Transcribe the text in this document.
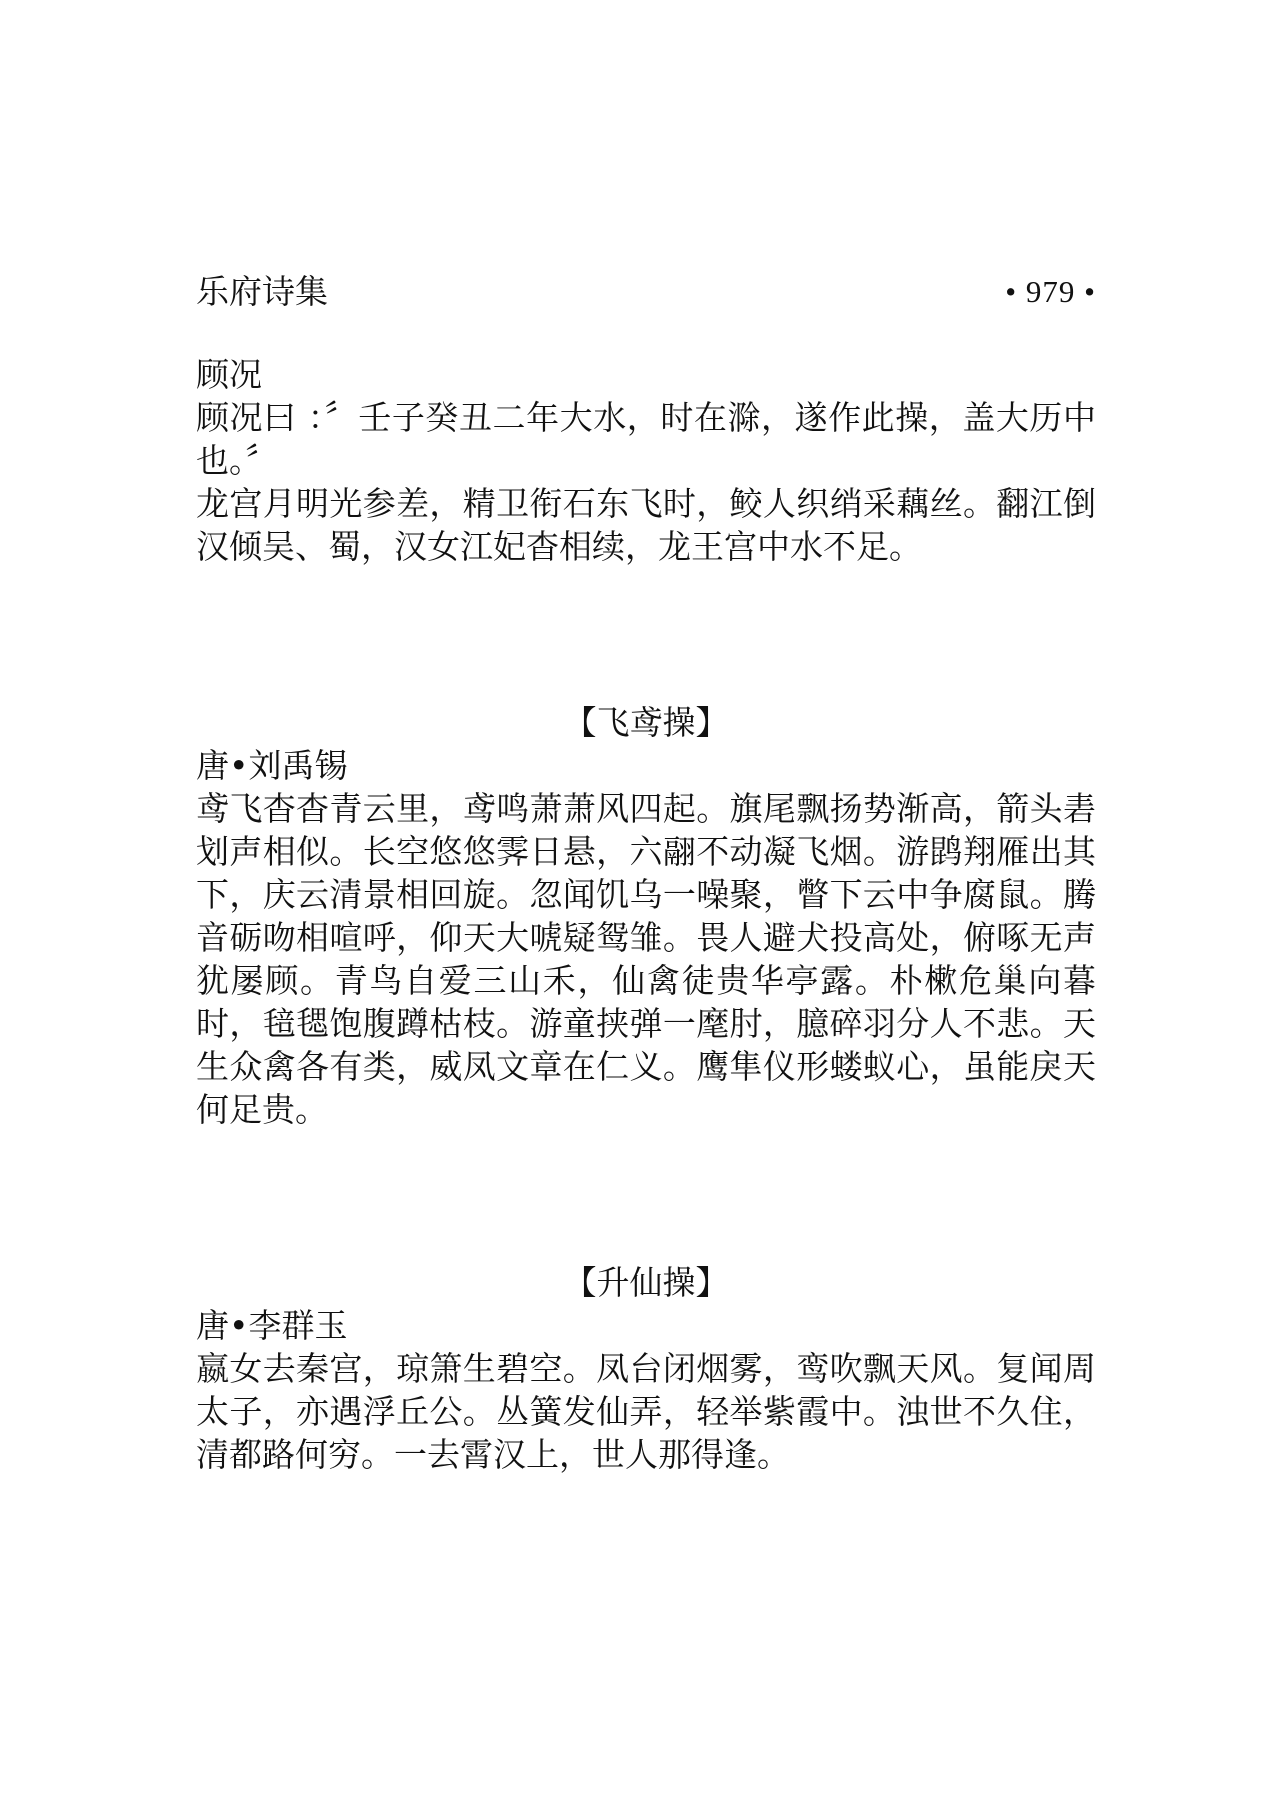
乐府诗集	• 979 •

顾况

顾况曰 ：〞壬子癸丑二年大水，时在滁，遂作此操，盖大历中也。〞

龙宫月明光参差，精卫衔石东飞时，鲛人织绡采藕丝。翻江倒汉倾吴、蜀，汉女江妃杳相续，龙王宫中水不足。

【飞鸢操】

唐•刘禹锡

鸢飞杳杳青云里，鸢鸣萧萧风四起。旗尾飘扬势渐高，箭头砉划声相似。长空悠悠霁日悬，六翮不动凝飞烟。游鹍翔雁出其下，庆云清景相回旋。忽闻饥乌一噪聚，瞥下云中争腐鼠。腾音砺吻相喧呼，仰天大唬疑鸳雏。畏人避犬投高处，俯啄无声犹屡顾。青鸟自爱三山禾，仙禽徒贵华亭露。朴樕危巢向暮时，毰毸饱腹蹲枯枝。游童挟弹一麾肘，臆碎羽分人不悲。天生众禽各有类，威凤文章在仁义。鹰隼仪形蝼蚁心，虽能戾天何足贵。

【升仙操】

唐•李群玉

嬴女去秦宫，琼箫生碧空。凤台闭烟雾，鸾吹飘天风。复闻周太子，亦遇浮丘公。丛簧发仙弄，轻举紫霞中。浊世不久住，清都路何穷。一去霄汉上，世人那得逢。
